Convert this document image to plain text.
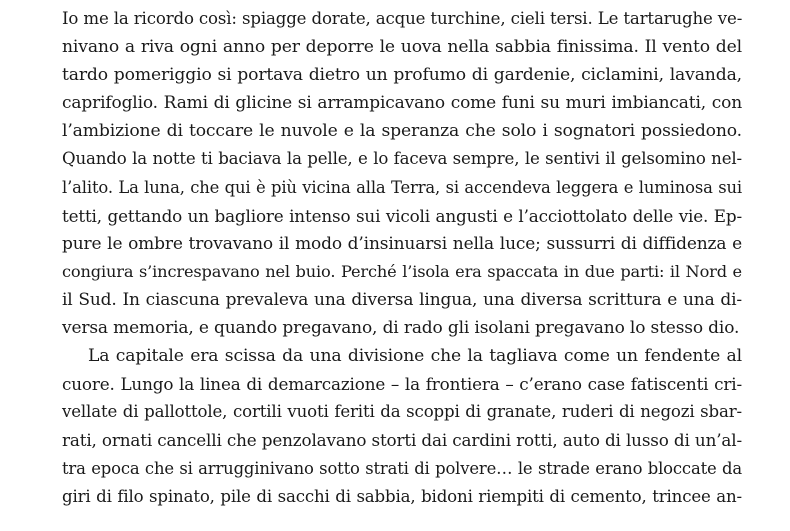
Io me la ricordo così: spiagge dorate, acque turchine, cieli tersi. Le tartarughe ve-
nivano a riva ogni anno per deporre le uova nella sabbia finissima. Il vento del
tardo pomeriggio si portava dietro un profumo di gardenie, ciclamini, lavanda,
caprifoglio. Rami di glicine si arrampicavano come funi su muri imbiancati, con
l’ambizione di toccare le nuvole e la speranza che solo i sognatori possiedono.
Quando la notte ti baciava la pelle, e lo faceva sempre, le sentivi il gelsomino nel-
l’alito. La luna, che qui è più vicina alla Terra, si accendeva leggera e luminosa sui
tetti, gettando un bagliore intenso sui vicoli angusti e l’acciottolato delle vie. Ep-
pure le ombre trovavano il modo d’insinuarsi nella luce; sussurri di diffidenza e
congiura s’increspavano nel buio. Perché l’isola era spaccata in due parti: il Nord e
il Sud. In ciascuna prevaleva una diversa lingua, una diversa scrittura e una di-
versa memoria, e quando pregavano, di rado gli isolani pregavano lo stesso dio.
La capitale era scissa da una divisione che la tagliava come un fendente al
cuore. Lungo la linea di demarcazione – la frontiera – c’erano case fatiscenti cri-
vellate di pallottole, cortili vuoti feriti da scoppi di granate, ruderi di negozi sbar-
rati, ornati cancelli che penzolavano storti dai cardini rotti, auto di lusso di un’al-
tra epoca che si arrugginivano sotto strati di polvere… le strade erano bloccate da
giri di filo spinato, pile di sacchi di sabbia, bidoni riempiti di cemento, trincee an-
